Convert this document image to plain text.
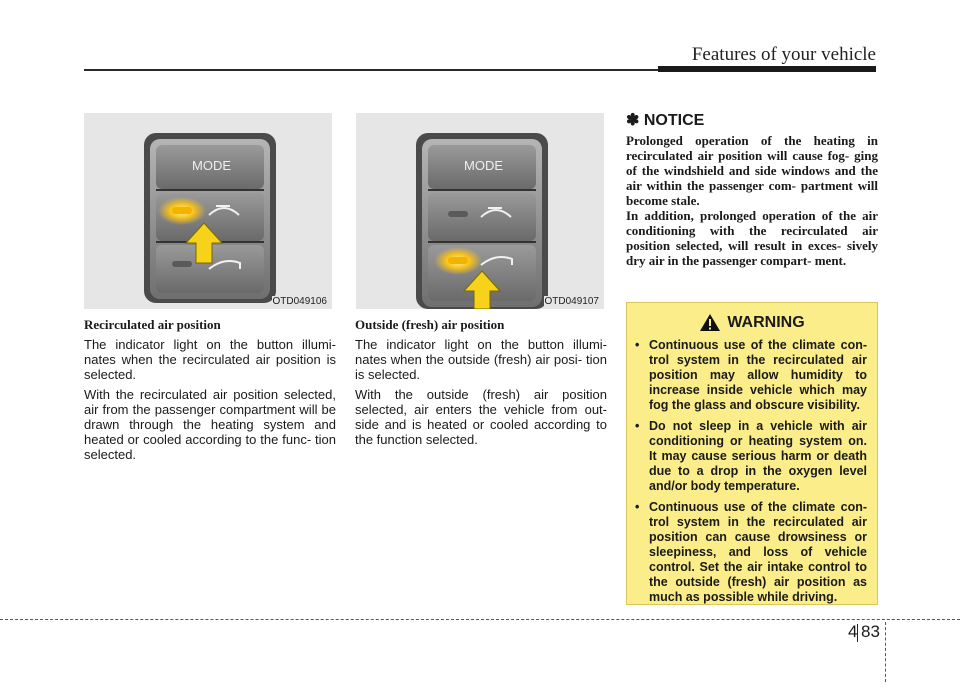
Features of your vehicle
MODE
OTD049106
MODE
OTD049107

Recirculated air position

The indicator light on the button illumi- nates when the recirculated air position is selected.

With the recirculated air position selected, air from the passenger compartment will be drawn through the heating system and heated or cooled according to the func- tion selected.

Outside (fresh) air position

The indicator light on the button illumi- nates when the outside (fresh) air posi- tion is selected.

With the outside (fresh) air position selected, air enters the vehicle from out- side and is heated or cooled according to the function selected.

✽ NOTICE

Prolonged operation of the heating in recirculated air position will cause fog- ging of the windshield and side windows and the air within the passenger com- partment will become stale.

In addition, prolonged operation of the air conditioning with the recirculated air position selected, will result in exces- sively dry air in the passenger compart- ment.

WARNING
• Continuous use of the climate con- trol system in the recirculated air position may allow humidity to increase inside vehicle which may fog the glass and obscure visibility.
• Do not sleep in a vehicle with air conditioning or heating system on. It may cause serious harm or death due to a drop in the oxygen level and/or body temperature.
• Continuous use of the climate con- trol system in the recirculated air position can cause drowsiness or sleepiness, and loss of vehicle control. Set the air intake control to the outside (fresh) air position as much as possible while driving.
4 83
